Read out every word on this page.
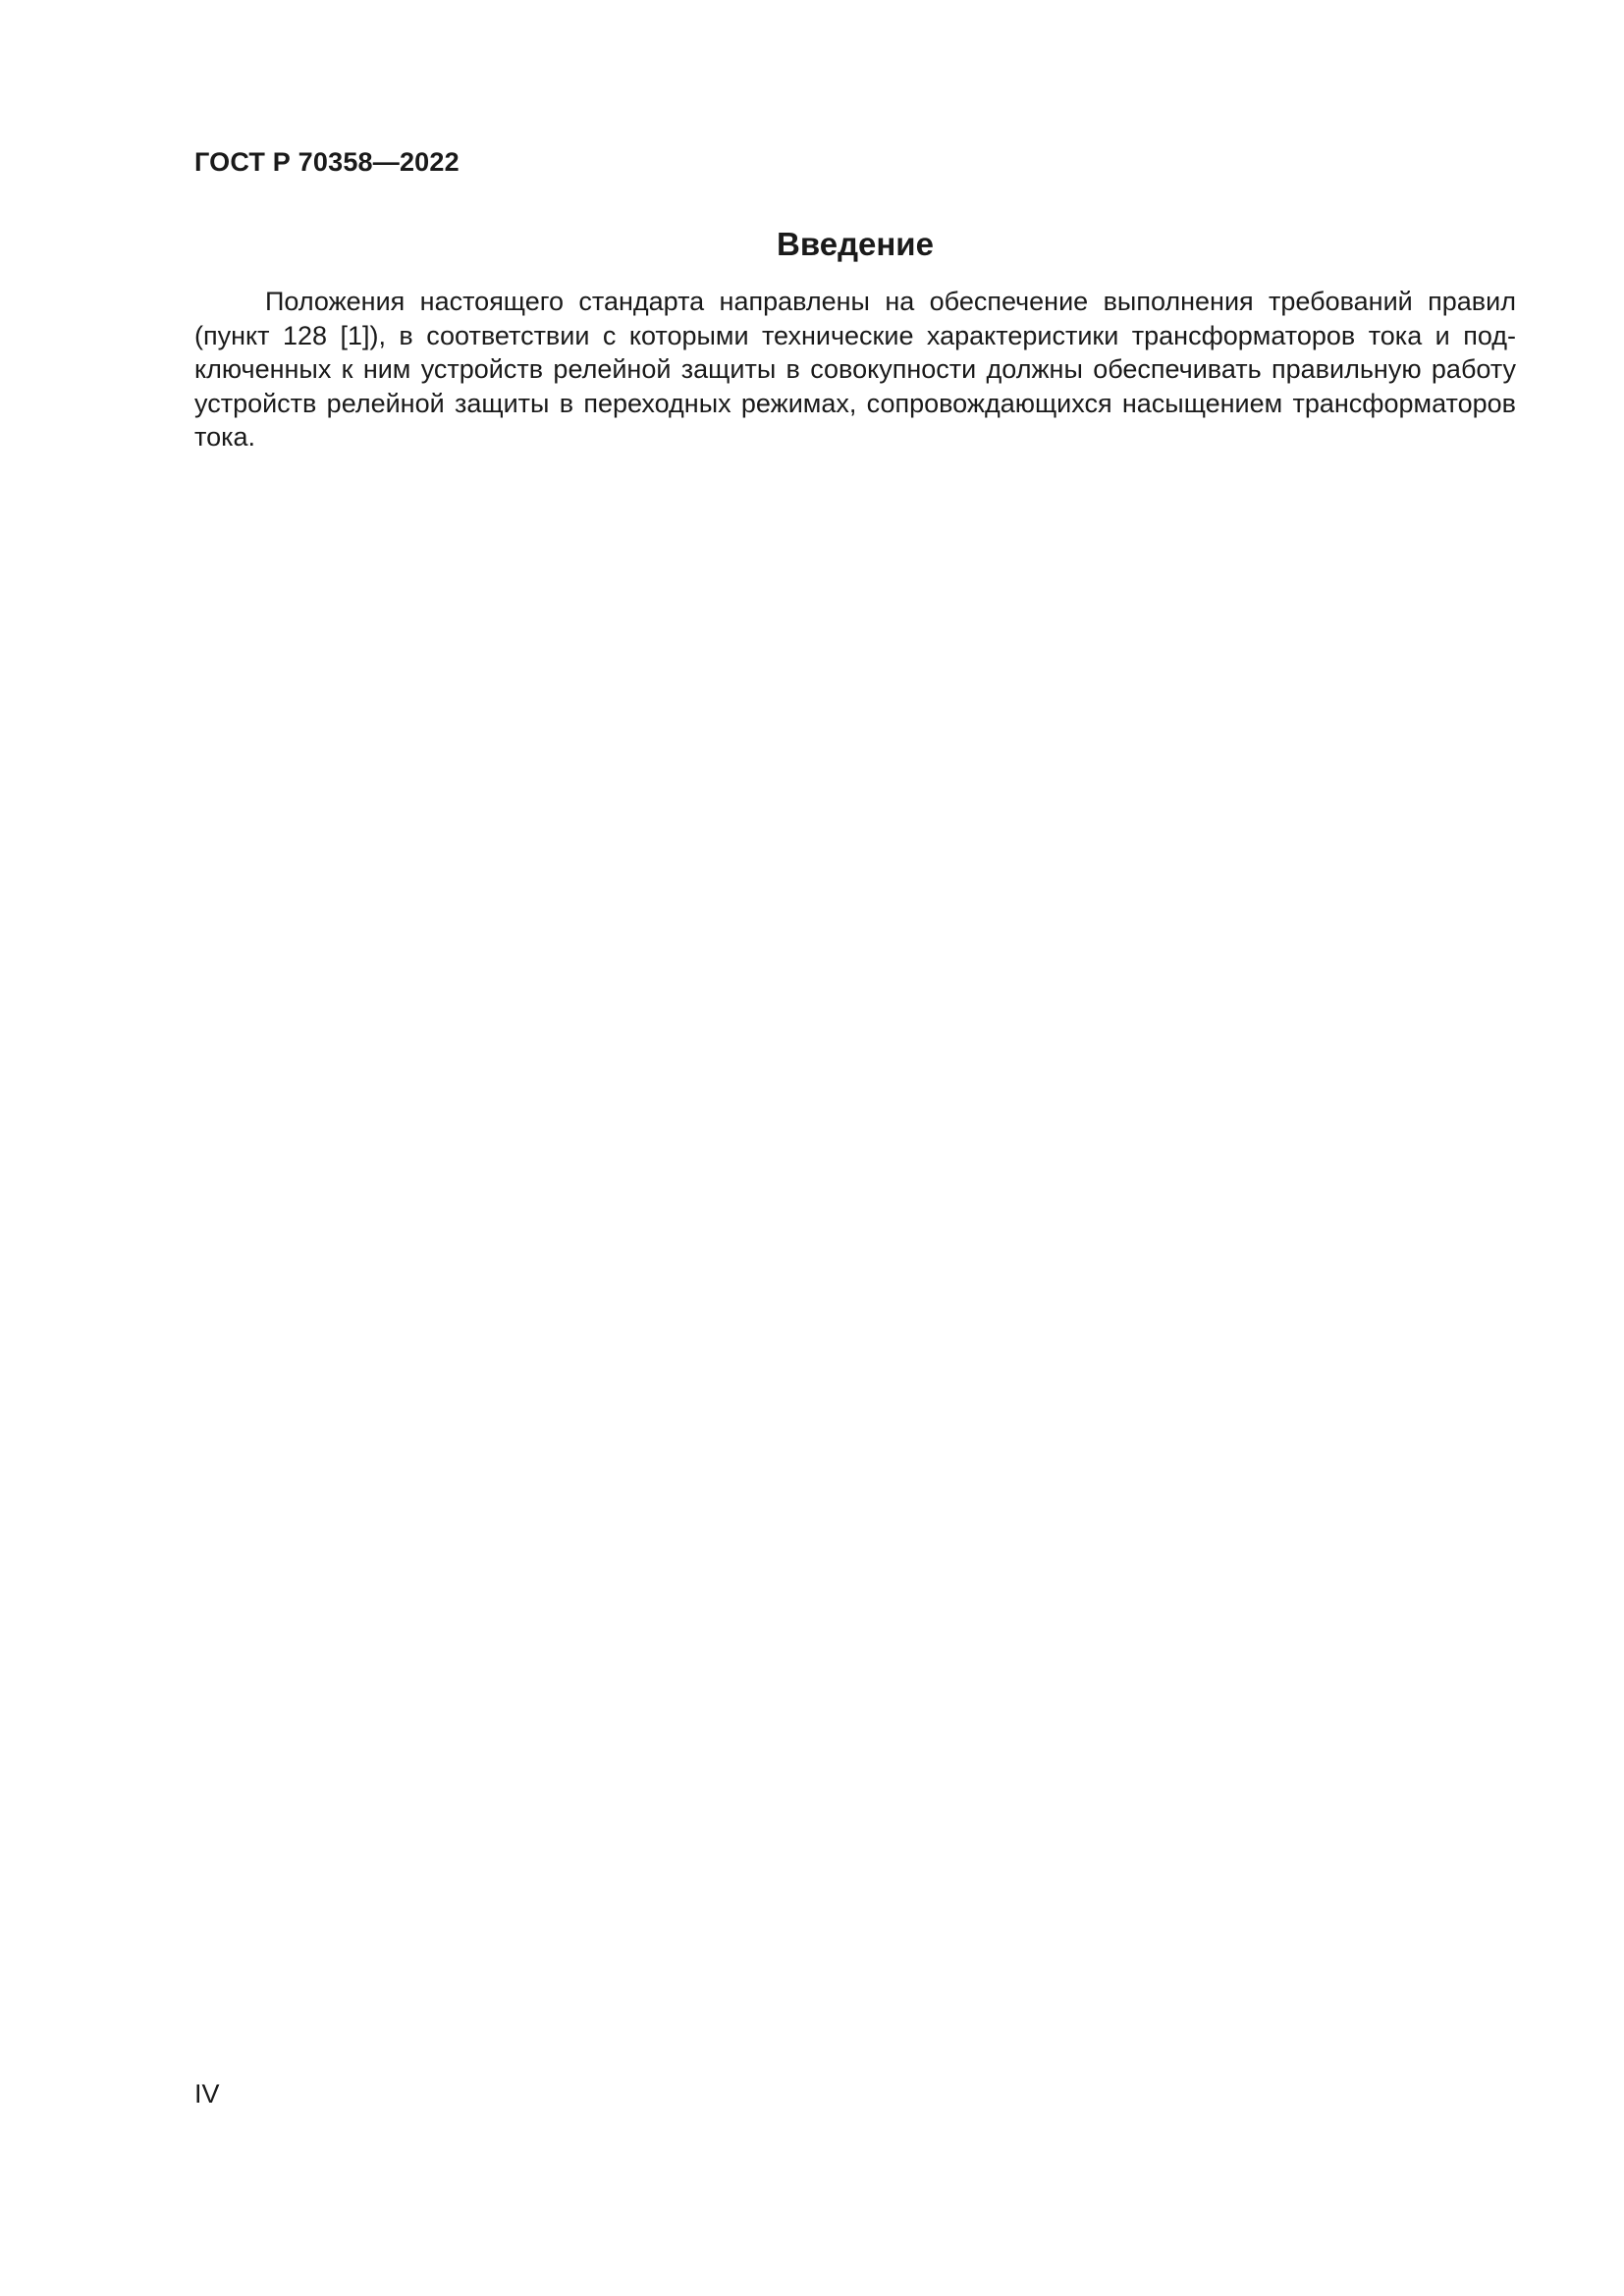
ГОСТ Р 70358—2022
Введение

Положения настоящего стандарта направлены на обеспечение выполнения требований правил (пункт 128 [1]), в соответствии с которыми технические характеристики трансформаторов тока и подключенных к ним устройств релейной защиты в совокупности должны обеспечивать правильную работу устройств релейной защиты в переходных режимах, сопровождающихся насыщением трансформаторов тока.

IV
